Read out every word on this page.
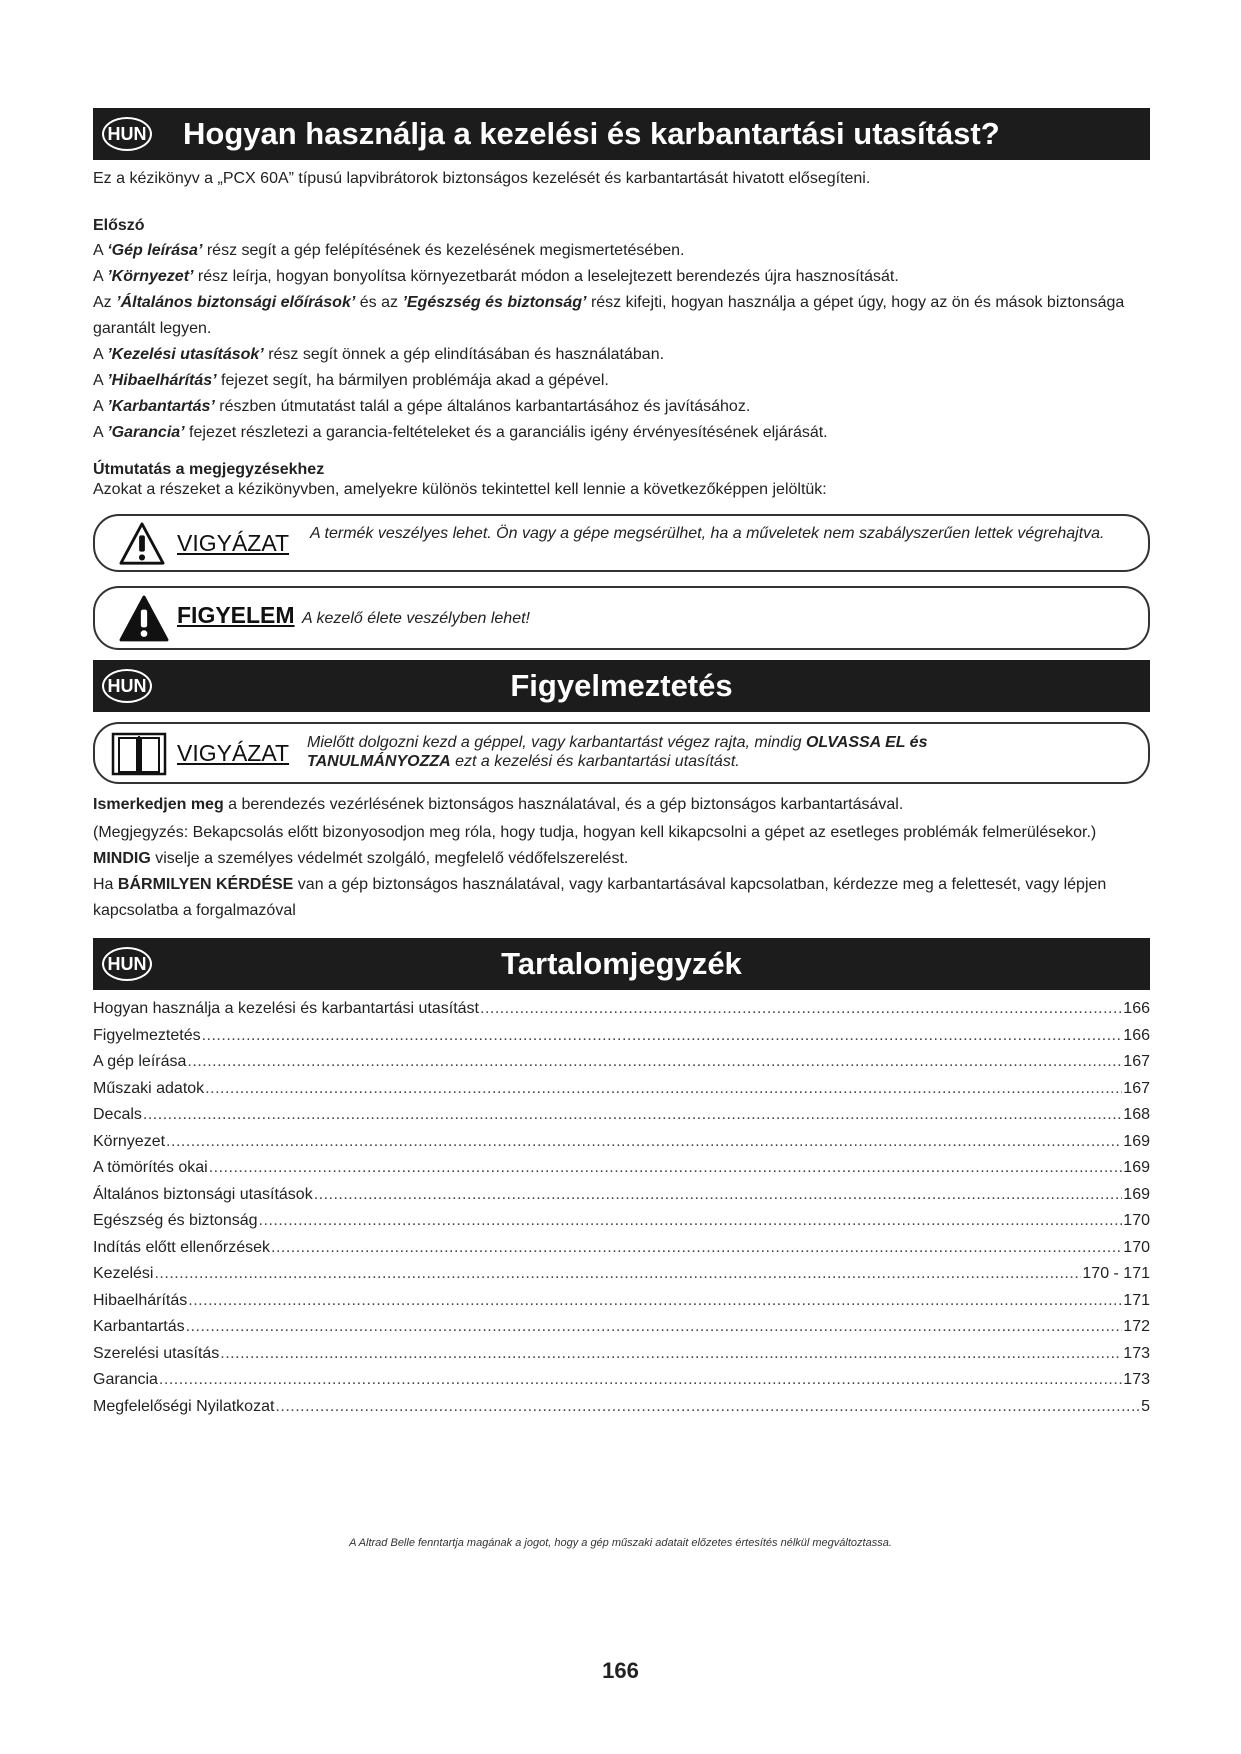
HUN Hogyan használja a kezelési és karbantartási utasítást?

Ez a kézikönyv a „PCX 60A” típusú lapvibrátorok biztonságos kezelését és karbantartását hivatott elősegíteni.

Előszó

A ‘Gép leírása’ rész segít a gép felépítésének és kezelésének megismertetésében.

A ’Környezet’ rész leírja, hogyan bonyolítsa környezetbarát módon a leselejtezett berendezés újra hasznosítását.

Az ’Általános biztonsági előírások’ és az ’Egészség és biztonság’ rész kifejti, hogyan használja a gépet úgy, hogy az ön és mások biztonsága garantált legyen.

A ’Kezelési utasítások’ rész segít önnek a gép elindításában és használatában.

A ’Hibaelhárítás’ fejezet segít, ha bármilyen problémája akad a gépével.

A ’Karbantartás’ részben útmutatást talál a gépe általános karbantartásához és javításához.

A ’Garancia’ fejezet részletezi a garancia-feltételeket és a garanciális igény érvényesítésének eljárását.

Útmutatás a megjegyzésekhez

Azokat a részeket a kézikönyvben, amelyekre különös tekintettel kell lennie a következőképpen jelöltük:

VIGYÁZAT A termék veszélyes lehet. Ön vagy a gépe megsérülhet, ha a műveletek nem szabályszerűen lettek végrehajtva.
FIGYELEM A kezelő élete veszélyben lehet!
HUN	Figyelmeztetés
VIGYÁZAT Mielőtt dolgozni kezd a géppel, vagy karbantartást végez rajta, mindig OLVASSA EL és TANULMÁNYOZZA ezt a kezelési és karbantartási utasítást.

Ismerkedjen meg a berendezés vezérlésének biztonságos használatával, és a gép biztonságos karbantartásával.

(Megjegyzés: Bekapcsolás előtt bizonyosodjon meg róla, hogy tudja, hogyan kell kikapcsolni a gépet az esetleges problémák felmerülésekor.)

MINDIG viselje a személyes védelmét szolgáló, megfelelő védőfelszerelést.

Ha BÁRMILYEN KÉRDÉSE van a gép biztonságos használatával, vagy karbantartásával kapcsolatban, kérdezze meg a felettesét, vagy lépjen kapcsolatba a forgalmazóval

HUN	Tartalomjegyzék
Hogyan használja a kezelési és karbantartási utasítást .....	166
Figyelmeztetés .....	166
A gép leírása .....	167
Műszaki adatok .....	167
Decals .....	168
Környezet .....	169
A tömörítés okai .....	169
Általános biztonsági utasítások .....	169
Egészség és biztonság .....	170
Indítás előtt ellenőrzések .....	170
Kezelési .....	170 - 171
Hibaelhárítás .....	171
Karbantartás .....	172
Szerelési utasítás .....	173
Garancia .....	173
Megfelelőségi Nyilatkozat .....	5
A Altrad Belle fenntartja magának a jogot, hogy a gép műszaki adatait előzetes értesítés nélkül megváltoztassa.
166
